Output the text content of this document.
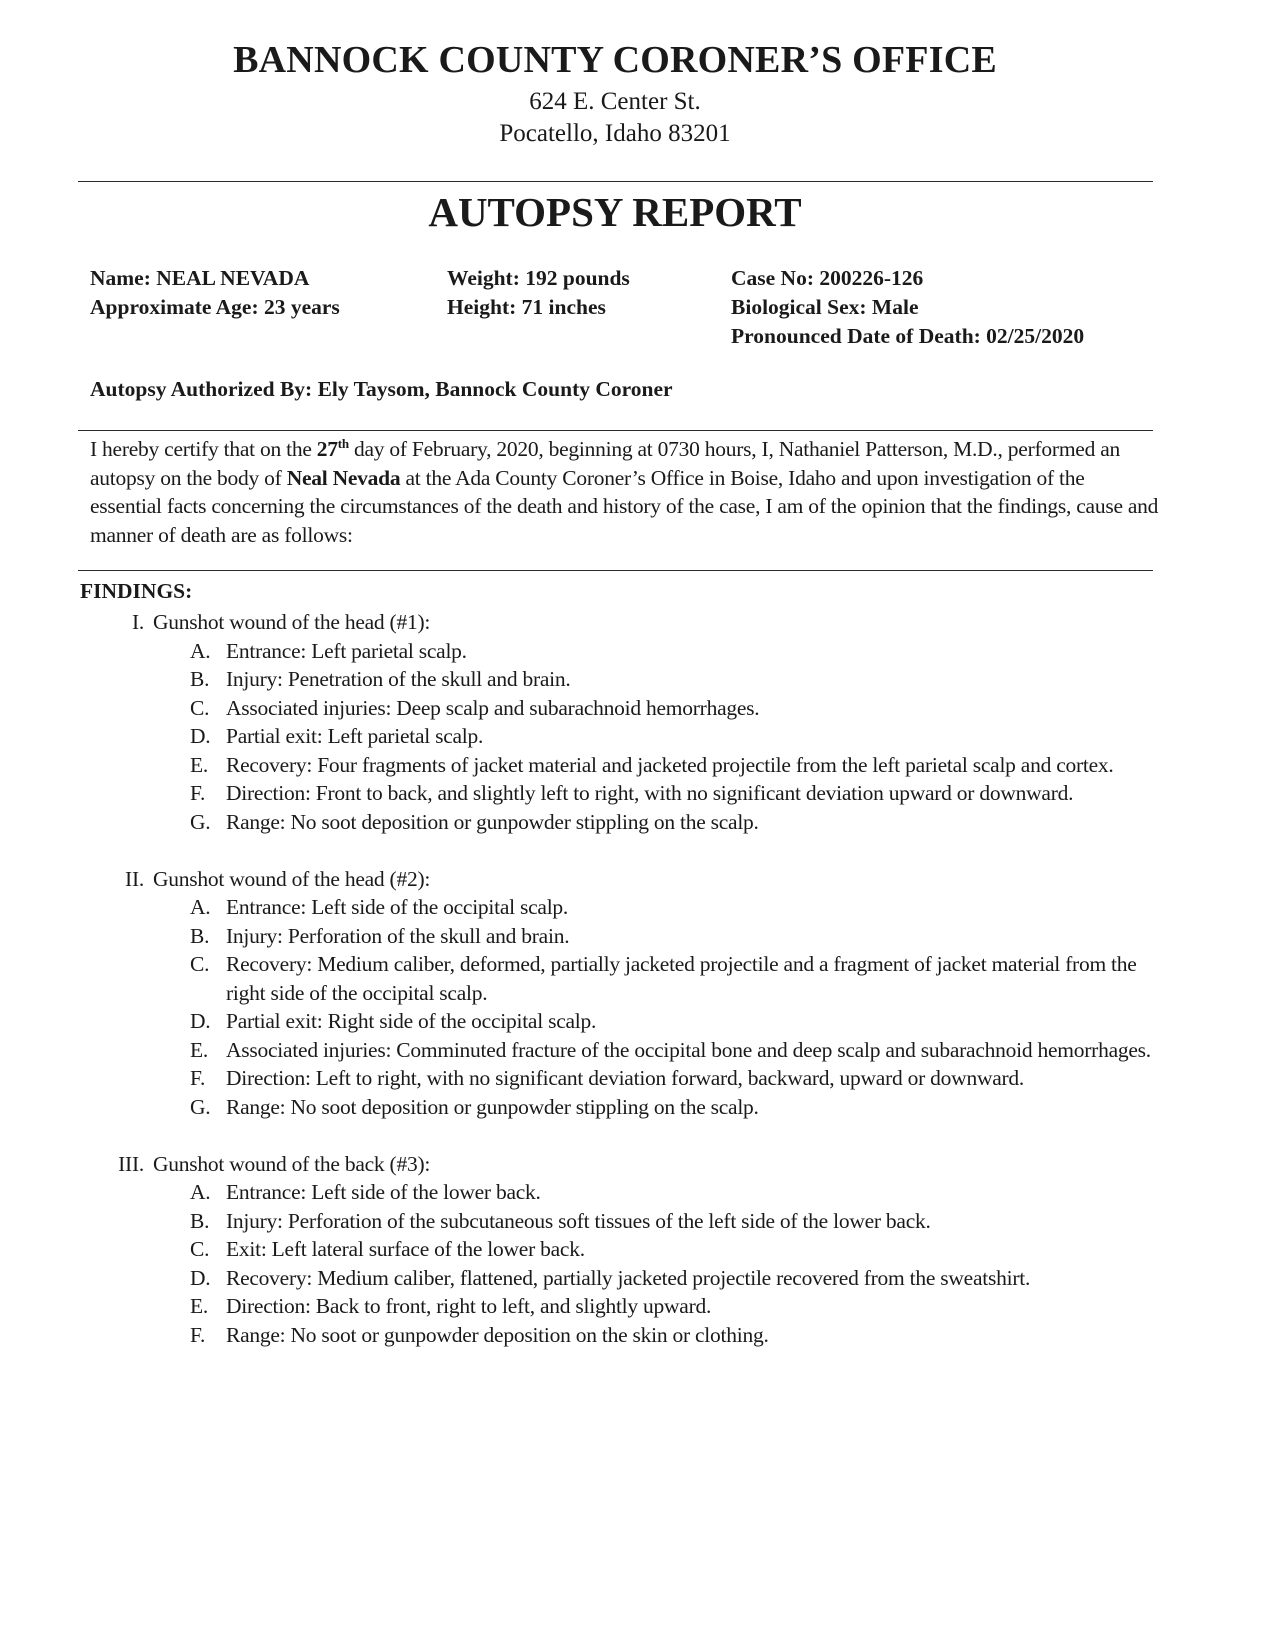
BANNOCK COUNTY CORONER’S OFFICE
624 E. Center St.
Pocatello, Idaho 83201
AUTOPSY REPORT
Name: NEAL NEVADA
Approximate Age: 23 years
Weight: 192 pounds
Height: 71 inches
Case No: 200226-126
Biological Sex: Male
Pronounced Date of Death: 02/25/2020
Autopsy Authorized By: Ely Taysom, Bannock County Coroner
I hereby certify that on the 27th day of February, 2020, beginning at 0730 hours, I, Nathaniel Patterson, M.D., performed an autopsy on the body of Neal Nevada at the Ada County Coroner’s Office in Boise, Idaho and upon investigation of the essential facts concerning the circumstances of the death and history of the case, I am of the opinion that the findings, cause and manner of death are as follows:
FINDINGS:
I. Gunshot wound of the head (#1):
A. Entrance: Left parietal scalp.
B. Injury: Penetration of the skull and brain.
C. Associated injuries: Deep scalp and subarachnoid hemorrhages.
D. Partial exit: Left parietal scalp.
E. Recovery: Four fragments of jacket material and jacketed projectile from the left parietal scalp and cortex.
F. Direction: Front to back, and slightly left to right, with no significant deviation upward or downward.
G. Range: No soot deposition or gunpowder stippling on the scalp.
II. Gunshot wound of the head (#2):
A. Entrance: Left side of the occipital scalp.
B. Injury: Perforation of the skull and brain.
C. Recovery: Medium caliber, deformed, partially jacketed projectile and a fragment of jacket material from the right side of the occipital scalp.
D. Partial exit: Right side of the occipital scalp.
E. Associated injuries: Comminuted fracture of the occipital bone and deep scalp and subarachnoid hemorrhages.
F. Direction: Left to right, with no significant deviation forward, backward, upward or downward.
G. Range: No soot deposition or gunpowder stippling on the scalp.
III. Gunshot wound of the back (#3):
A. Entrance: Left side of the lower back.
B. Injury: Perforation of the subcutaneous soft tissues of the left side of the lower back.
C. Exit: Left lateral surface of the lower back.
D. Recovery: Medium caliber, flattened, partially jacketed projectile recovered from the sweatshirt.
E. Direction: Back to front, right to left, and slightly upward.
F. Range: No soot or gunpowder deposition on the skin or clothing.
